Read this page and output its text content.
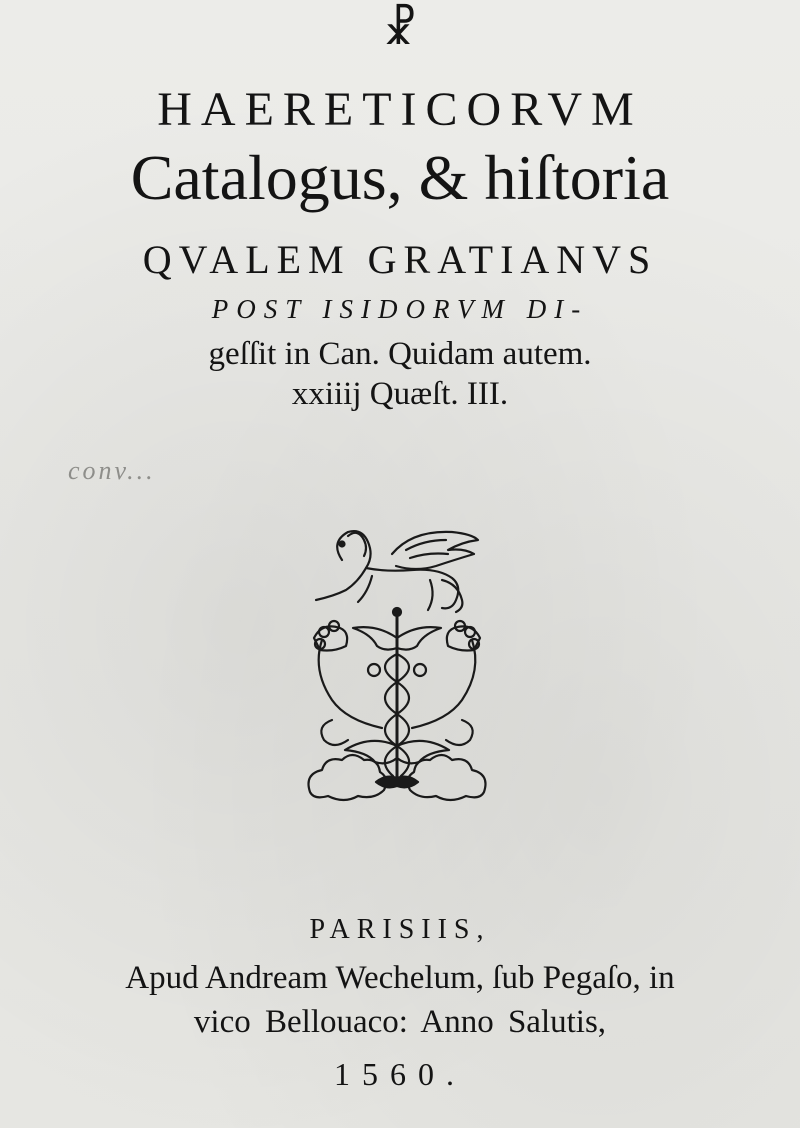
☧
HAERETICORVM
Catalogus, & hiſtoria
QVALEM GRATIANVS
POST ISIDORVM DI-
geſſit in Can. Quidam autem.
xxiiij Quæſt. III.
conv...
PARISIIS,
Apud Andream Wechelum, ſub Pegaſo, in
vico Bellouaco: Anno Salutis,
1560.
